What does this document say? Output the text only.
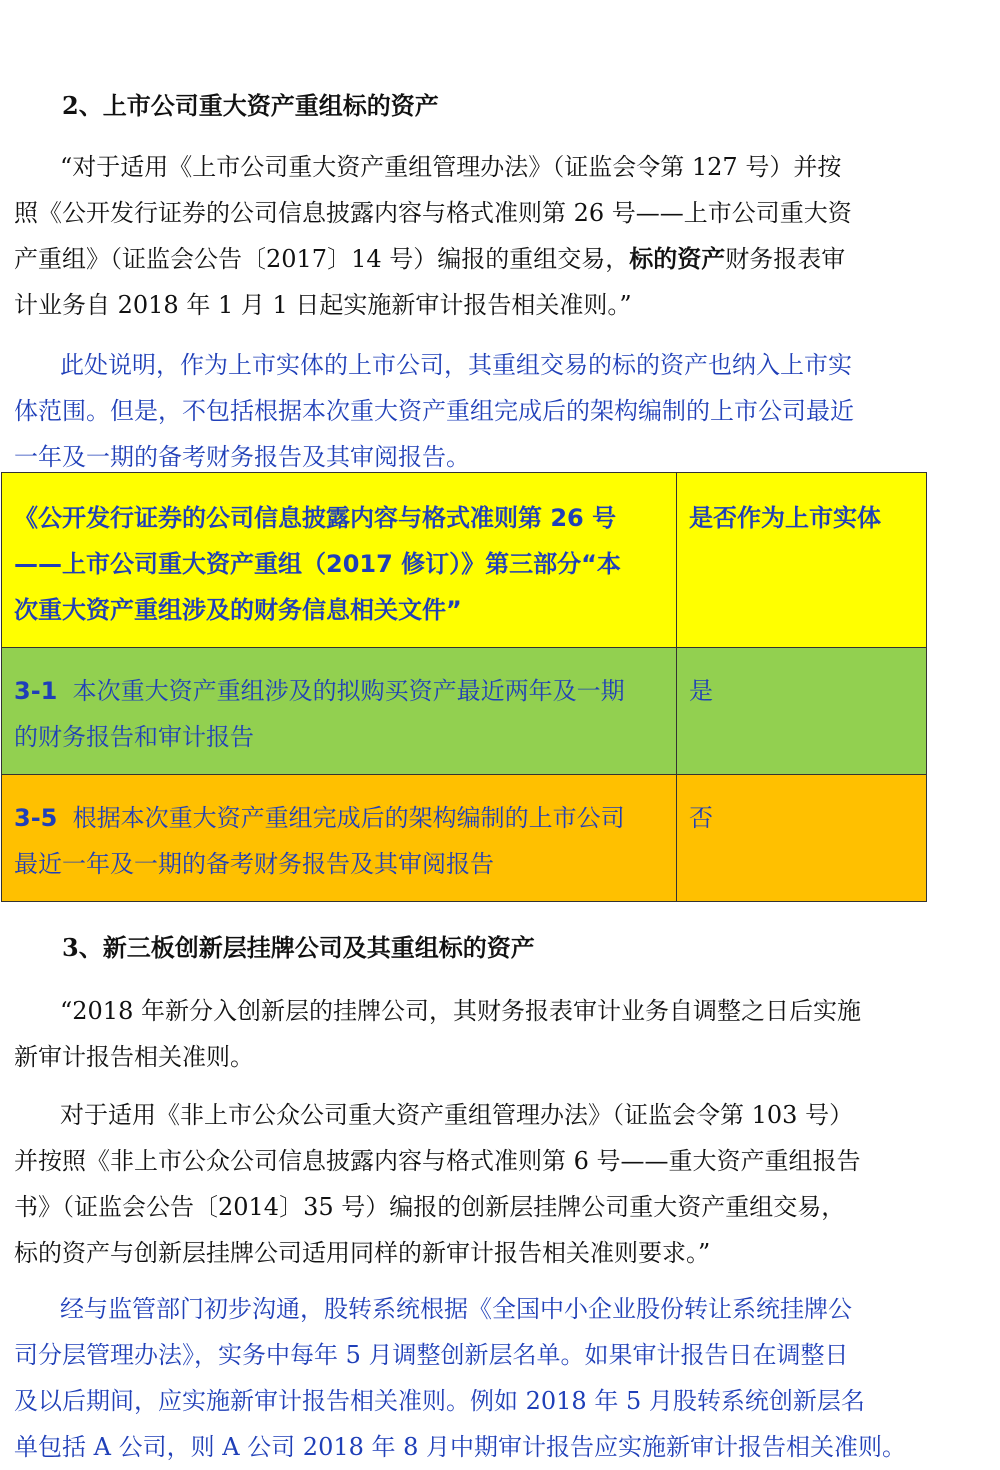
2、上市公司重大资产重组标的资产
“对于适用《上市公司重大资产重组管理办法》（证监会令第 127 号）并按
照《公开发行证券的公司信息披露内容与格式准则第 26 号——上市公司重大资
产重组》（证监会公告〔2017〕14 号）编报的重组交易，标的资产财务报表审
计业务自 2018 年 1 月 1 日起实施新审计报告相关准则。”
此处说明，作为上市实体的上市公司，其重组交易的标的资产也纳入上市实
体范围。但是，不包括根据本次重大资产重组完成后的架构编制的上市公司最近
一年及一期的备考财务报告及其审阅报告。
《公开发行证券的公司信息披露内容与格式准则第 26 号
——上市公司重大资产重组（2017 修订）》第三部分“本
次重大资产重组涉及的财务信息相关文件”	是否作为上市实体

3-1 本次重大资产重组涉及的拟购买资产最近两年及一期
的财务报告和审计报告	是

3-5 根据本次重大资产重组完成后的架构编制的上市公司
最近一年及一期的备考财务报告及其审阅报告	否
3、新三板创新层挂牌公司及其重组标的资产
“2018 年新分入创新层的挂牌公司，其财务报表审计业务自调整之日后实施
新审计报告相关准则。
对于适用《非上市公众公司重大资产重组管理办法》（证监会令第 103 号）
并按照《非上市公众公司信息披露内容与格式准则第 6 号——重大资产重组报告
书》（证监会公告〔2014〕35 号）编报的创新层挂牌公司重大资产重组交易，
标的资产与创新层挂牌公司适用同样的新审计报告相关准则要求。”
经与监管部门初步沟通，股转系统根据《全国中小企业股份转让系统挂牌公
司分层管理办法》，实务中每年 5 月调整创新层名单。如果审计报告日在调整日
及以后期间，应实施新审计报告相关准则。例如 2018 年 5 月股转系统创新层名
单包括 A 公司，则 A 公司 2018 年 8 月中期审计报告应实施新审计报告相关准则。
